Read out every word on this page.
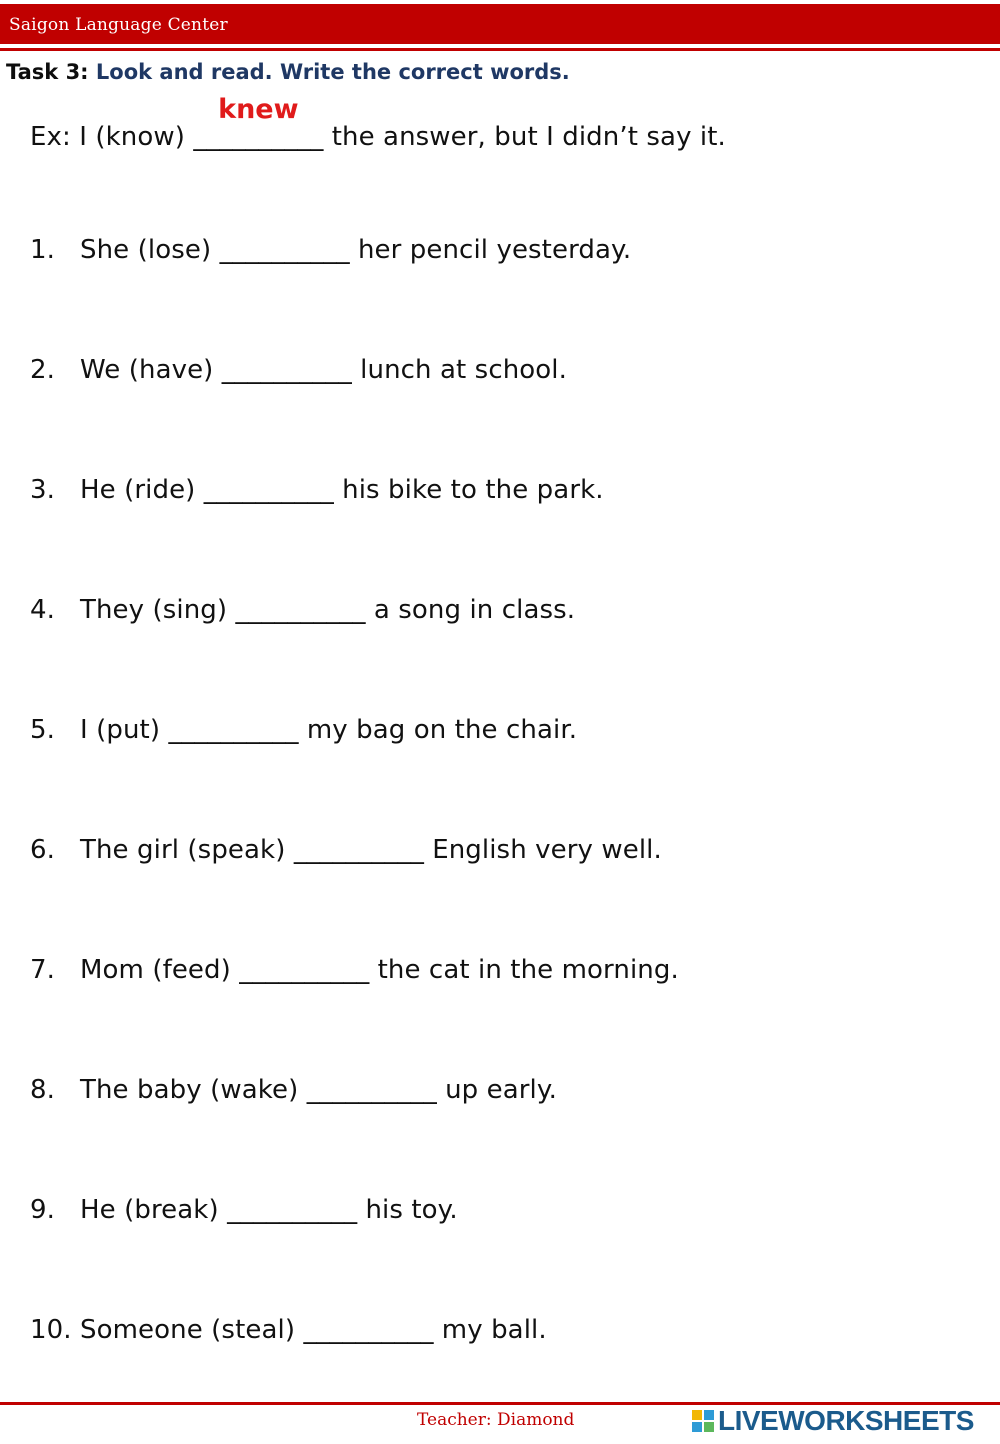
Saigon Language Center
Task 3: Look and read. Write the correct words.
Ex: I (know) __________
knew
the answer, but I didn’t say it.
1. She (lose) __________ her pencil yesterday.
2. We (have) __________ lunch at school.
3. He (ride) __________ his bike to the park.
4. They (sing) __________ a song in class.
5. I (put) __________ my bag on the chair.
6. The girl (speak) __________ English very well.
7. Mom (feed) __________ the cat in the morning.
8. The baby (wake) __________ up early.
9. He (break) __________ his toy.
10. Someone (steal) __________ my ball.
Teacher: Diamond	LIVEWORKSHEETS
